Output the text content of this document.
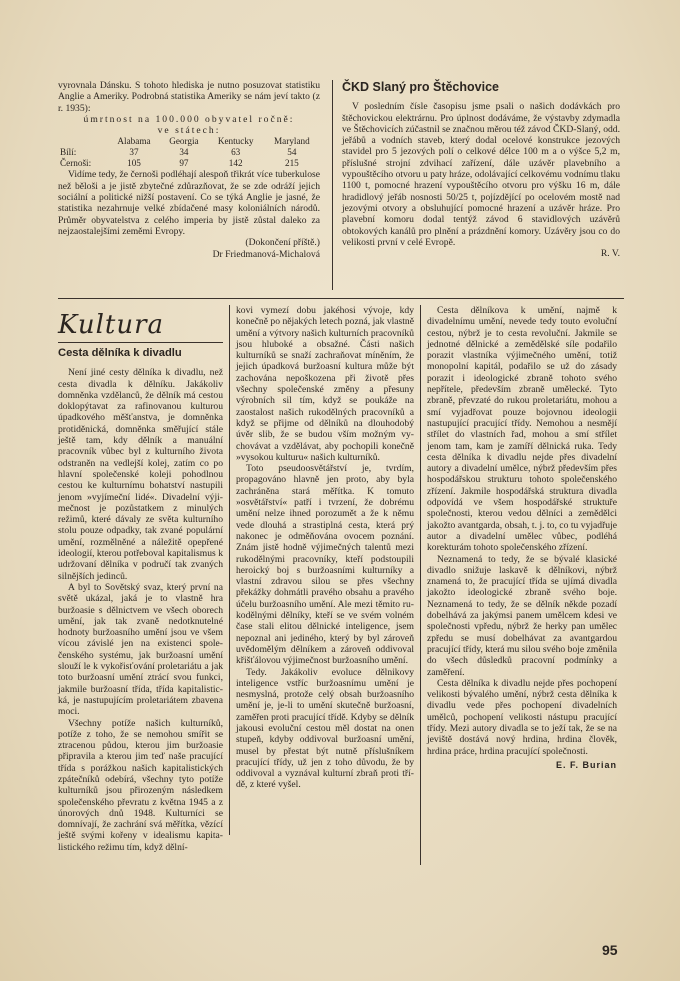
vyrovnala Dánsku. S tohoto hlediska je nutno posuzovat statistiku Anglie a Ameriky. Podrobná statistika Ameriky se nám jeví takto (z r. 1935):

úmrtnost na 100.000 obyvatel ročně:

ve státech:

	Alabama	Georgia	Kentucky	Maryland
Bílí:	37	34	63	54
Černoši:	105	97	142	215

Vidíme tedy, že černoši podléhají alespoň třikrát více tuberkulose než běloši a je jistě zbytečné zdůrazňovat, že se zde odráží jejich sociální a politické nižší postavení. Co se týká Anglie je jasné, že statistika nezahrnuje velké zbídačené masy koloniálních národů. Průměr obyvatelstva z celého imperia by jistě zůstal daleko za nejzaostalejšími zeměmi Evropy.

(Dokončení příště.)

Dr Friedmanová-Michalová

ČKD Slaný pro Štěchovice

V posledním čísle časopisu jsme psali o našich dodávkách pro štěchovickou elektrárnu. Pro úplnost dodáváme, že výstavby zdymadla ve Štěchovicích zúčastnil se značnou měrou též závod ČKD-Slaný, odd. jeřábů a vodních staveb, který dodal ocelové konstrukce jezových stavidel pro 5 jezových polí o celkové délce 100 m a o výšce 5,2 m, příslušné strojní zdvihací zařízení, dále uzávěr plavebního a vypouštěcího otvoru u paty hráze, odolávající celkovému vodnímu tlaku 1100 t, pomocné hrazení vypouštěcího otvoru pro výšku 16 m, dále hradidlový jeřáb nosnosti 50/25 t, pojízdějící po ocelovém mostě nad jezovými otvory a obsluhující pomocné hrazení a uzávěr hráze. Pro plavební komoru dodal tentýž závod 6 stavidlových uzávěrů obtokových kanálů pro plnění a prázdnění komory. Uzávěry jsou co do velikosti první v celé Evropě.

R. V.

Kultura
Cesta dělníka k divadlu

Není jiné cesty dělníka k divadlu, než cesta divadla k dělníku. Jakákoliv domněnka vzdělanců, že dělník má cestou doklopýtavat za rafinovanou kulturou úpadkového měšťanstva, je domněnka protiděnická, domněnka směřující stále ještě tam, kdy dělník a manuální pracovník vůbec byl z kulturního života odstraněn na vedlejší kolej, zatím co po hlavní společenské koleji pohodlnou cestou ke kulturnímu bohatství nastupili jenom »vyjímeční lidé«. Divadelní výjimečnost je pozůstatkem z minulých režimů, které dávaly ze světa kulturního stolu pouze odpadky, tak zvané populární umění, rozmělněné a náležitě opepřené ideologií, kterou potřeboval kapitalismus k udržovaní dělníka v područí tak zvaných silnějších jedinců.

A byl to Sovětský svaz, který první na světě ukázal, jaká je to vlastně hra buržoasie s dělnictvem ve všech oborech umění, jak tak zvaně nedotknutelné hodnoty buržoasního umění jsou ve všem vícou závislé jen na existenci společenského systému, jak buržoasní umění slouží le k vykořisťování proletariátu a jak toto buržoasní umění ztrácí svou funkci, jakmile buržoasní třída, třída kapitalistická, je nastupujícím proletariátem zbavena moci.

Všechny potíže našich kulturníků, potíže z toho, že se nemohou smířit se ztracenou půdou, kterou jim buržoasie připravila a kterou jim teď naše pracující třída s porážkou našich kapitalistických zpátečníků odebírá, všechny tyto potíže kulturníků jsou přirozeným následkem společenského převratu z května 1945 a z únorových dnů 1948. Kulturníci se domnívají, že zachrání svá měřítka, vězící ještě svými kořeny v idealismu kapitalistického režimu tím, když dělní-

kovi vymezí dobu jakéhosi vývoje, kdy konečně po nějakých letech pozná, jak vlastně umění a výtvory našich kulturních pracovníků jsou hluboké a obsažné. Části našich kulturníků se snaží zachraňovat míněním, že jejich úpadková buržoasní kultura může být zachována nepoškozena při životě přes všechny společenské změny a přesuny výrobních sil tím, když se poukáže na zaostalost našich rukodělných pracovníků a když se přijme od dělníků na dlouhodobý úvěr slib, že se budou vším možným vychovávat a vzdělávat, aby pochopili konečně »vysokou kulturu« našich kulturníků.

Toto pseudoosvětářství je, tvrdím, propagováno hlavně jen proto, aby byla zachráněna stará měřítka. K tomuto »osvětářství« patří i tvrzení, že dobrému umění nelze ihned porozumět a že k němu vede dlouhá a strastiplná cesta, která prý nakonec je odměňována ovocem poznání. Znám jistě hodně výjimečných talentů mezi rukodělnými pracovníky, kteří podstoupili heroický boj s buržoasními kulturníky a vlastní zdravou silou se přes všechny překážky dohmátli pravého obsahu a pravého účelu buržoasního umění. Ale mezi těmito rukodělnými dělníky, kteří se ve svém volném čase stali elitou dělnické inteligence, jsem nepoznal ani jediného, který by byl zároveň uvědomělým dělníkem a zároveň oddivoval křišťálovou výjimečnost buržoasního umění.

Tedy. Jakákoliv evoluce dělnikovy inteligence vstříc buržoasnímu umění je nesmyslná, protože celý obsah buržoasního umění je, je-li to umění skutečně buržoasní, zaměřen proti pracující třídě. Kdyby se dělník jakousi evoluční cestou měl dostat na onen stupeň, kdyby oddivoval buržoasní umění, musel by přestat být nutně příslušníkem pracující třídy, už jen z toho důvodu, že by oddivoval a vyznával kulturní zbraň proti třídě, z které vyšel.

Cesta dělníkova k umění, najmě k divadelnímu umění, nevede tedy touto evoluční cestou, nýbrž je to cesta revoluční. Jakmile se jednotné dělnické a zemědělské síle podařilo porazit vlastníka výjimečného umění, totiž monopolní kapitál, podařilo se už do zásady porazit i ideologické zbraně tohoto svého nepřítele, především zbraně umělecké. Tyto zbraně, převzaté do rukou proletariátu, mohou a smí vyjadřovat pouze bojovnou ideologii nastupující pracující třídy. Nemohou a nesmějí střílet do vlastních řad, mohou a smí střílet jenom tam, kam je zamíří dělnická ruka. Tedy cesta dělníka k divadlu nejde přes divadelní autory a divadelní umělce, nýbrž především přes hospodářskou strukturu tohoto společenského zřízení. Jakmile hospodářská struktura divadla odpovídá ve všem hospodářské struktuře společnosti, kterou vedou dělníci a zemědělci jakožto avantgarda, obsah, t. j. to, co tu vyjadřuje autor a divadelní umělec vůbec, podléhá korekturám tohoto společenského zřízení.

Neznamená to tedy, že se bývalé klasické divadlo snižuje laskavě k dělníkovi, nýbrž znamená to, že pracující třída se ujímá divadla jakožto ideologické zbraně svého boje. Neznamená to tedy, že se dělník někde pozadí dobelhává za jakýmsi panem umělcem kdesi ve společnosti vpředu, nýbrž že herky pan umělec zpředu se musí dobelhávat za avantgardou pracující třídy, která mu silou svého boje změnila do všech důsledků pracovní podmínky a zaměření.

Cesta dělníka k divadlu nejde přes pochopení velikosti bývalého umění, nýbrž cesta dělníka k divadlu vede přes pochopení divadelních umělců, pochopení velikosti nástupu pracující třídy. Mezi autory divadla se to ježí tak, že se na jeviště dostává nový hrdina, hrdina člověk, hrdina práce, hrdina pracující společnosti.

E. F. Burian

95
